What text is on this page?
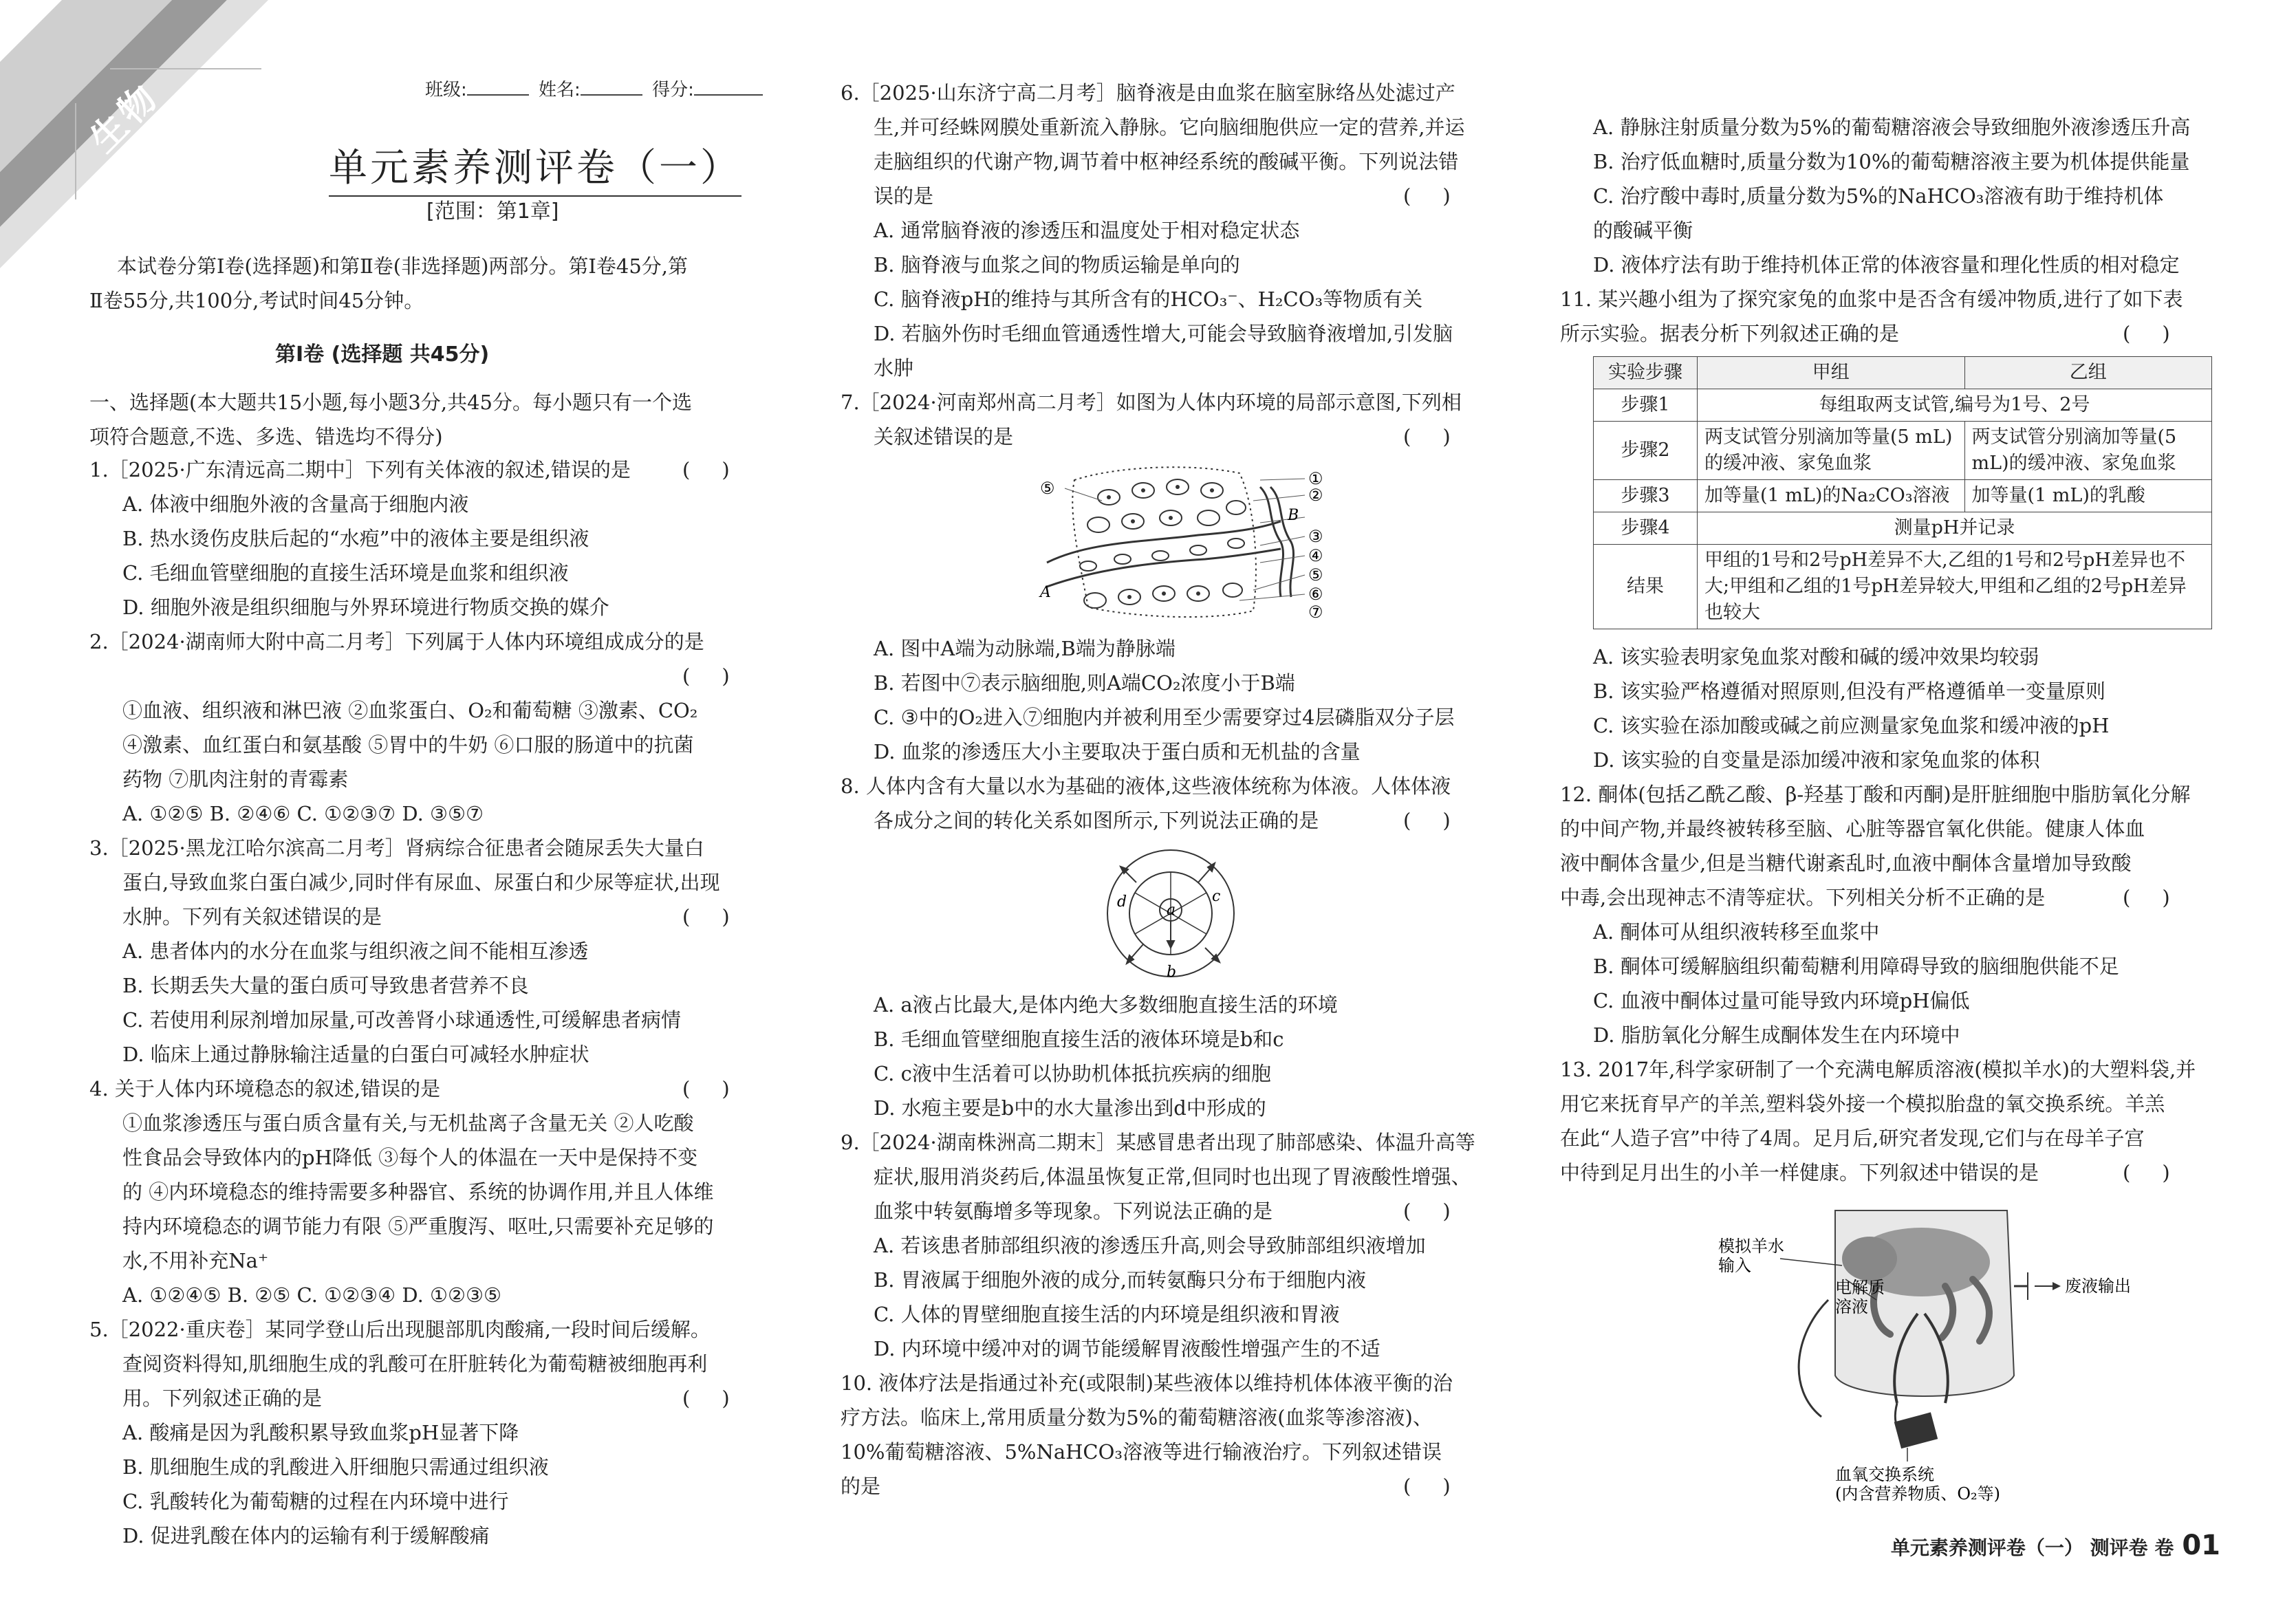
生物	班级:	姓名:	得分:
单元素养测评卷（一）
[范围：第1章]
本试卷分第Ⅰ卷(选择题)和第Ⅱ卷(非选择题)两部分。第Ⅰ卷45分,第
Ⅱ卷55分,共100分,考试时间45分钟。
第Ⅰ卷 (选择题 共45分)
一、选择题(本大题共15小题,每小题3分,共45分。每小题只有一个选
项符合题意,不选、多选、错选均不得分)
1.［2025·广东清远高二期中］下列有关体液的叙述,错误的是	(     )
A. 体液中细胞外液的含量高于细胞内液
B. 热水烫伤皮肤后起的“水疱”中的液体主要是组织液
C. 毛细血管壁细胞的直接生活环境是血浆和组织液
D. 细胞外液是组织细胞与外界环境进行物质交换的媒介
2.［2024·湖南师大附中高二月考］下列属于人体内环境组成成分的是
(     )
①血液、组织液和淋巴液 ②血浆蛋白、O₂和葡萄糖 ③激素、CO₂
④激素、血红蛋白和氨基酸 ⑤胃中的牛奶 ⑥口服的肠道中的抗菌
药物 ⑦肌肉注射的青霉素
A. ①②⑤ B. ②④⑥ C. ①②③⑦ D. ③⑤⑦
3.［2025·黑龙江哈尔滨高二月考］肾病综合征患者会随尿丢失大量白
蛋白,导致血浆白蛋白减少,同时伴有尿血、尿蛋白和少尿等症状,出现
水肿。下列有关叙述错误的是	(     )
A. 患者体内的水分在血浆与组织液之间不能相互渗透
B. 长期丢失大量的蛋白质可导致患者营养不良
C. 若使用利尿剂增加尿量,可改善肾小球通透性,可缓解患者病情
D. 临床上通过静脉输注适量的白蛋白可减轻水肿症状
4. 关于人体内环境稳态的叙述,错误的是	(     )
①血浆渗透压与蛋白质含量有关,与无机盐离子含量无关 ②人吃酸
性食品会导致体内的pH降低 ③每个人的体温在一天中是保持不变
的 ④内环境稳态的维持需要多种器官、系统的协调作用,并且人体维
持内环境稳态的调节能力有限 ⑤严重腹泻、呕吐,只需要补充足够的
水,不用补充Na⁺
A. ①②④⑤ B. ②⑤ C. ①②③④ D. ①②③⑤
5.［2022·重庆卷］某同学登山后出现腿部肌肉酸痛,一段时间后缓解。
查阅资料得知,肌细胞生成的乳酸可在肝脏转化为葡萄糖被细胞再利
用。下列叙述正确的是	(     )
A. 酸痛是因为乳酸积累导致血浆pH显著下降
B. 肌细胞生成的乳酸进入肝细胞只需通过组织液
C. 乳酸转化为葡萄糖的过程在内环境中进行
D. 促进乳酸在体内的运输有利于缓解酸痛
6.［2025·山东济宁高二月考］脑脊液是由血浆在脑室脉络丛处滤过产
生,并可经蛛网膜处重新流入静脉。它向脑细胞供应一定的营养,并运
走脑组织的代谢产物,调节着中枢神经系统的酸碱平衡。下列说法错
误的是	(     )
A. 通常脑脊液的渗透压和温度处于相对稳定状态
B. 脑脊液与血浆之间的物质运输是单向的
C. 脑脊液pH的维持与其所含有的HCO₃⁻、H₂CO₃等物质有关
D. 若脑外伤时毛细血管通透性增大,可能会导致脑脊液增加,引发脑
水肿
7.［2024·河南郑州高二月考］如图为人体内环境的局部示意图,下列相
关叙述错误的是	(     )
①
②
③
④
⑤
⑥
⑦
⑤
A
B
A. 图中A端为动脉端,B端为静脉端
B. 若图中⑦表示脑细胞,则A端CO₂浓度小于B端
C. ③中的O₂进入⑦细胞内并被利用至少需要穿过4层磷脂双分子层
D. 血浆的渗透压大小主要取决于蛋白质和无机盐的含量
8. 人体内含有大量以水为基础的液体,这些液体统称为体液。人体体液
各成分之间的转化关系如图所示,下列说法正确的是	(     )
a
b
c
d
A. a液占比最大,是体内绝大多数细胞直接生活的环境
B. 毛细血管壁细胞直接生活的液体环境是b和c
C. c液中生活着可以协助机体抵抗疾病的细胞
D. 水疱主要是b中的水大量渗出到d中形成的
9.［2024·湖南株洲高二期末］某感冒患者出现了肺部感染、体温升高等
症状,服用消炎药后,体温虽恢复正常,但同时也出现了胃液酸性增强、
血浆中转氨酶增多等现象。下列说法正确的是	(     )
A. 若该患者肺部组织液的渗透压升高,则会导致肺部组织液增加
B. 胃液属于细胞外液的成分,而转氨酶只分布于细胞内液
C. 人体的胃壁细胞直接生活的内环境是组织液和胃液
D. 内环境中缓冲对的调节能缓解胃液酸性增强产生的不适
10. 液体疗法是指通过补充(或限制)某些液体以维持机体体液平衡的治
疗方法。临床上,常用质量分数为5%的葡萄糖溶液(血浆等渗溶液)、
10%葡萄糖溶液、5%NaHCO₃溶液等进行输液治疗。下列叙述错误
的是	(     )
A. 静脉注射质量分数为5%的葡萄糖溶液会导致细胞外液渗透压升高
B. 治疗低血糖时,质量分数为10%的葡萄糖溶液主要为机体提供能量
C. 治疗酸中毒时,质量分数为5%的NaHCO₃溶液有助于维持机体
的酸碱平衡
D. 液体疗法有助于维持机体正常的体液容量和理化性质的相对稳定
11. 某兴趣小组为了探究家兔的血浆中是否含有缓冲物质,进行了如下表
所示实验。据表分析下列叙述正确的是	(     )
实验步骤	甲组	乙组
步骤1	每组取两支试管,编号为1号、2号	
步骤2	两支试管分别滴加等量(5 mL)的缓冲液、家兔血浆	两支试管分别滴加等量(5 mL)的缓冲液、家兔血浆
步骤3	加等量(1 mL)的Na₂CO₃溶液	加等量(1 mL)的乳酸
步骤4	测量pH并记录	
结果	甲组的1号和2号pH差异不大,乙组的1号和2号pH差异也不大;甲组和乙组的1号pH差异较大,甲组和乙组的2号pH差异也较大	
A. 该实验表明家兔血浆对酸和碱的缓冲效果均较弱
B. 该实验严格遵循对照原则,但没有严格遵循单一变量原则
C. 该实验在添加酸或碱之前应测量家兔血浆和缓冲液的pH
D. 该实验的自变量是添加缓冲液和家兔血浆的体积
12. 酮体(包括乙酰乙酸、β-羟基丁酸和丙酮)是肝脏细胞中脂肪氧化分解
的中间产物,并最终被转移至脑、心脏等器官氧化供能。健康人体血
液中酮体含量少,但是当糖代谢紊乱时,血液中酮体含量增加导致酸
中毒,会出现神志不清等症状。下列相关分析不正确的是	(     )
A. 酮体可从组织液转移至血浆中
B. 酮体可缓解脑组织葡萄糖利用障碍导致的脑细胞供能不足
C. 血液中酮体过量可能导致内环境pH偏低
D. 脂肪氧化分解生成酮体发生在内环境中
13. 2017年,科学家研制了一个充满电解质溶液(模拟羊水)的大塑料袋,并
用它来抚育早产的羊羔,塑料袋外接一个模拟胎盘的氧交换系统。羊羔
在此“人造子宫”中待了4周。足月后,研究者发现,它们与在母羊子宫
中待到足月出生的小羊一样健康。下列叙述中错误的是	(     )
模拟羊水输入
电解质溶液
废液输出
血氧交换系统(内含营养物质、O₂等)
单元素养测评卷（一） 测评卷 卷 01
